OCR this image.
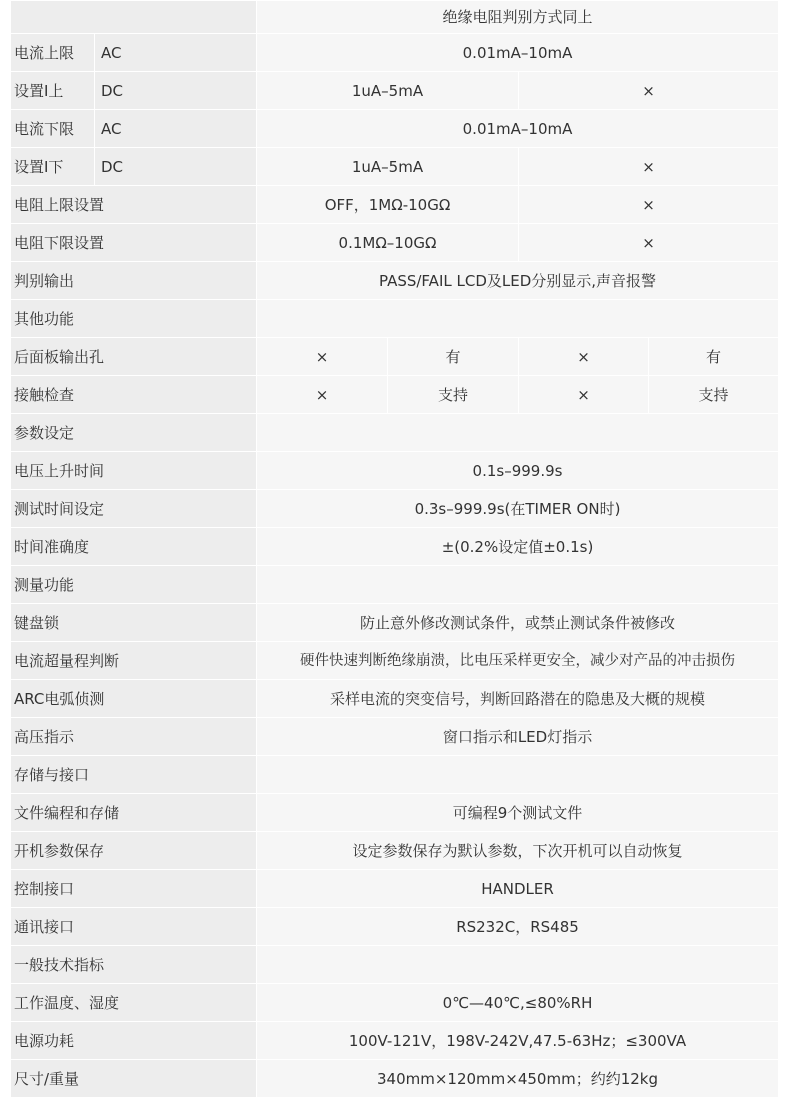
		绝缘电阻判别方式同上			
电流上限	AC	0.01mA–10mA			
设置I上	DC	1uA–5mA		×	
电流下限	AC	0.01mA–10mA			
设置I下	DC	1uA–5mA		×	
电阻上限设置		OFF，1MΩ-10GΩ		×	
电阻下限设置		0.1MΩ–10GΩ		×	
判别输出		PASS/FAIL LCD及LED分别显示,声音报警			
其他功能					
后面板输出孔		×	有	×	有
接触检查		×	支持	×	支持
参数设定					
电压上升时间		0.1s–999.9s			
测试时间设定		0.3s–999.9s(在TIMER ON时)			
时间准确度		±(0.2%设定值±0.1s)			
测量功能					
键盘锁		防止意外修改测试条件，或禁止测试条件被修改			
电流超量程判断		硬件快速判断绝缘崩溃，比电压采样更安全，减少对产品的冲击损伤			
ARC电弧侦测		采样电流的突变信号，判断回路潜在的隐患及大概的规模			
高压指示		窗口指示和LED灯指示			
存储与接口					
文件编程和存储		可编程9个测试文件			
开机参数保存		设定参数保存为默认参数，下次开机可以自动恢复			
控制接口		HANDLER			
通讯接口		RS232C，RS485			
一般技术指标					
工作温度、湿度		0℃—40℃,≤80%RH			
电源功耗		100V-121V，198V-242V,47.5-63Hz；≤300VA			
尺寸/重量		340mm×120mm×450mm；约约12kg			
